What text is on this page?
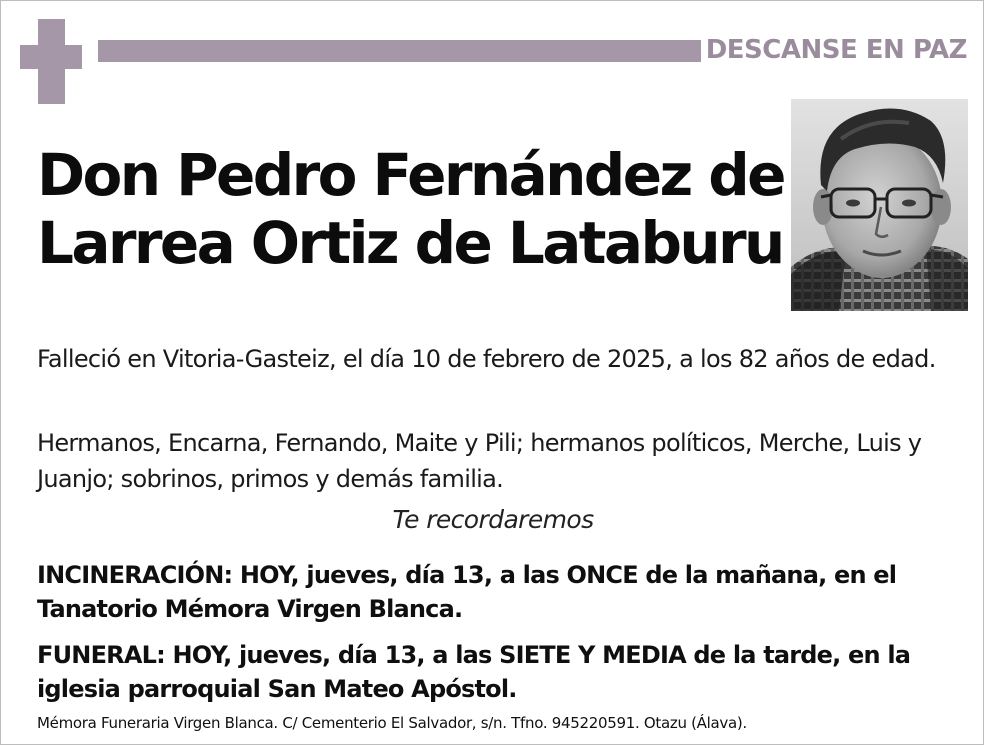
DESCANSE EN PAZ
Don Pedro Fernández de
Larrea Ortiz de Lataburu
Falleció en Vitoria-Gasteiz, el día 10 de febrero de 2025, a los 82 años de edad.
Hermanos, Encarna, Fernando, Maite y Pili; hermanos políticos, Merche, Luis y Juanjo; sobrinos, primos y demás familia.
Te recordaremos
INCINERACIÓN: HOY, jueves, día 13, a las ONCE de la mañana, en el Tanatorio Mémora Virgen Blanca.
FUNERAL: HOY, jueves, día 13, a las SIETE Y MEDIA de la tarde, en la iglesia parroquial San Mateo Apóstol.
Mémora Funeraria Virgen Blanca. C/ Cementerio El Salvador, s/n. Tfno. 945220591. Otazu (Álava).
